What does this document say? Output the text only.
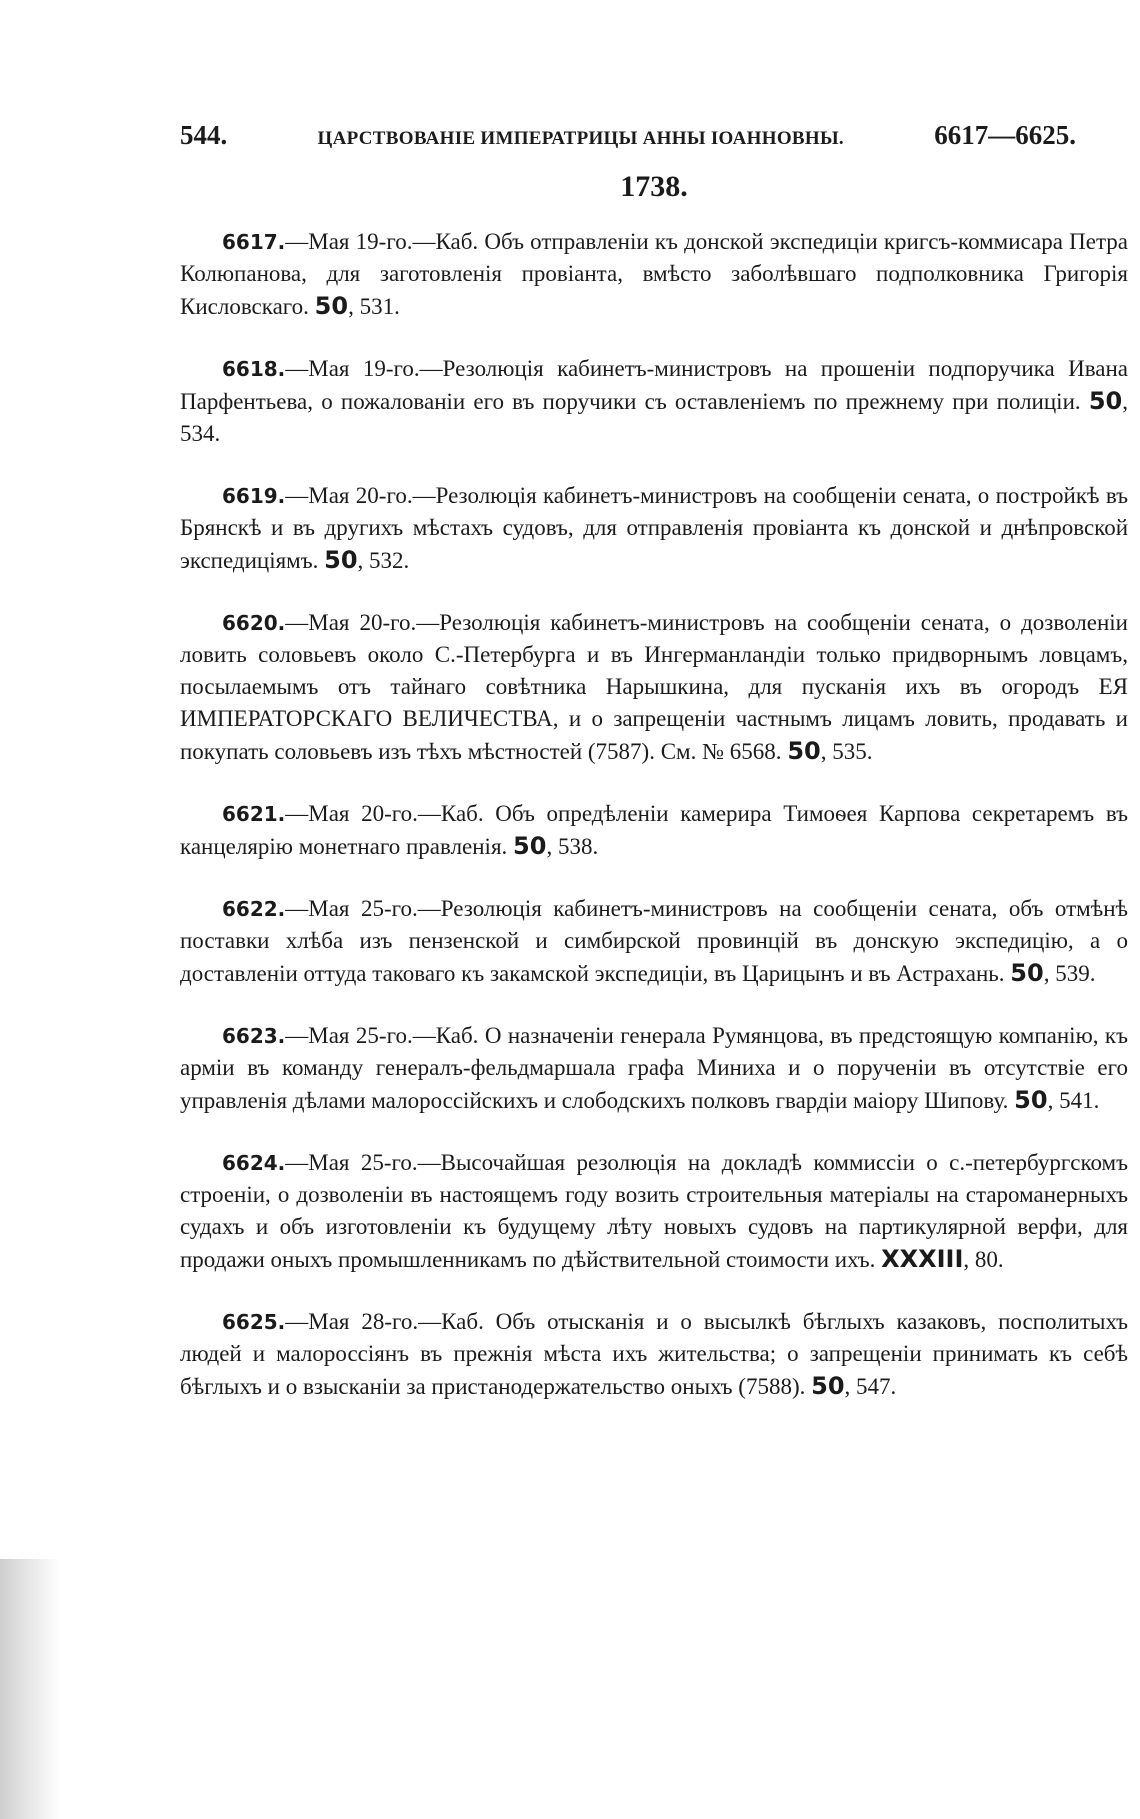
544.	ЦАРСТВОВАНІЕ ИМПЕРАТРИЦЫ АННЫ ІОАННОВНЫ.	6617—6625.
1738.

6617.—Мая 19-го.—Каб. Объ отправленіи къ донской экспедиціи кригсъ-коммисара Петра Колюпанова, для заготовленія провіанта, вмѣсто заболѣвшаго подполковника Григорія Кисловскаго. 50, 531.

6618.—Мая 19-го.—Резолюція кабинетъ-министровъ на прошеніи подпоручика Ивана Парфентьева, о пожалованіи его въ поручики съ оставленіемъ по прежнему при полиціи. 50, 534.

6619.—Мая 20-го.—Резолюція кабинетъ-министровъ на сообщеніи сената, о постройкѣ въ Брянскѣ и въ другихъ мѣстахъ судовъ, для отправленія провіанта къ донской и днѣпровской экспедиціямъ. 50, 532.

6620.—Мая 20-го.—Резолюція кабинетъ-министровъ на сообщеніи сената, о дозволеніи ловить соловьевъ около С.-Петербурга и въ Ингерманландіи только придворнымъ ловцамъ, посылаемымъ отъ тайнаго совѣтника Нарышкина, для пусканія ихъ въ огородъ ЕЯ ИМПЕРАТОРСКАГО ВЕЛИЧЕСТВА, и о запрещеніи частнымъ лицамъ ловить, продавать и покупать соловьевъ изъ тѣхъ мѣстностей (7587). См. № 6568. 50, 535.

6621.—Мая 20-го.—Каб. Объ опредѣленіи камерира Тимоѳея Карпова секретаремъ въ канцелярію монетнаго правленія. 50, 538.

6622.—Мая 25-го.—Резолюція кабинетъ-министровъ на сообщеніи сената, объ отмѣнѣ поставки хлѣба изъ пензенской и симбирской провинцій въ донскую экспедицію, а о доставленіи оттуда таковаго къ закамской экспедиціи, въ Царицынъ и въ Астрахань. 50, 539.

6623.—Мая 25-го.—Каб. О назначеніи генерала Румянцова, въ предстоящую компанію, къ арміи въ команду генералъ-фельдмаршала графа Миниха и о порученіи въ отсутствіе его управленія дѣлами малороссійскихъ и слободскихъ полковъ гвардіи маіору Шипову. 50, 541.

6624.—Мая 25-го.—Высочайшая резолюція на докладѣ коммиссіи о с.-петербургскомъ строеніи, о дозволеніи въ настоящемъ году возить строительныя матеріалы на староманерныхъ судахъ и объ изготовленіи къ будущему лѣту новыхъ судовъ на партикулярной верфи, для продажи оныхъ промышленникамъ по дѣйствительной стоимости ихъ. XXXIII, 80.

6625.—Мая 28-го.—Каб. Объ отысканія и о высылкѣ бѣглыхъ казаковъ, посполитыхъ людей и малороссіянъ въ прежнія мѣста ихъ жительства; о запрещеніи принимать къ себѣ бѣглыхъ и о взысканіи за пристанодержательство оныхъ (7588). 50, 547.
